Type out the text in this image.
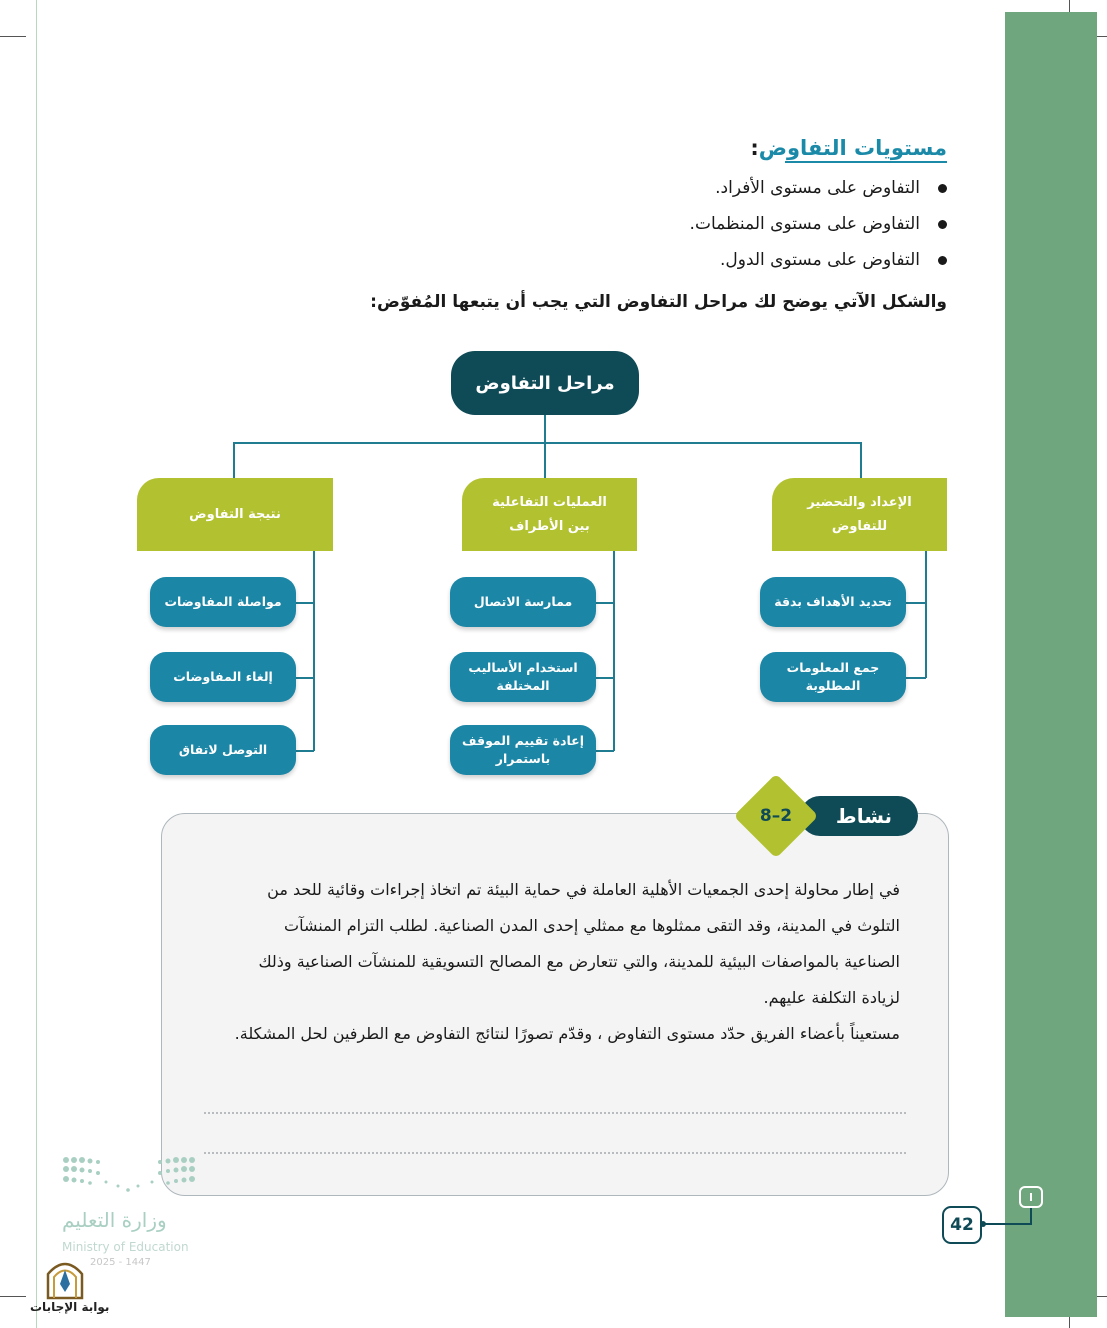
مستويات التفاوض:
التفاوض على مستوى الأفراد.
التفاوض على مستوى المنظمات.
التفاوض على مستوى الدول.
والشكل الآتي يوضح لك مراحل التفاوض التي يجب أن يتبعها المُفوّض:
مراحل التفاوض
الإعداد والتحضير
للتفاوض
تحديد الأهداف بدقة
جمع المعلومات المطلوبة
العمليات التفاعلية
بين الأطراف
ممارسة الاتصال
استخدام الأساليب
المختلفة
إعادة تقييم الموقف
باستمرار
نتيجة التفاوض
مواصلة المفاوضات
إلغاء المفاوضات
التوصل لاتفاق
نشاط
8–2

في إطار محاولة إحدى الجمعيات الأهلية العاملة في حماية البيئة تم اتخاذ إجراءات وقائية للحد من التلوث في المدينة، وقد التقى ممثلوها مع ممثلي إحدى المدن الصناعية. لطلب التزام المنشآت الصناعية بالمواصفات البيئية للمدينة، والتي تتعارض مع المصالح التسويقية للمنشآت الصناعية وذلك لزيادة التكلفة عليهم.

مستعيناً بأعضاء الفريق حدّد مستوى التفاوض ، وقدّم تصورًا لنتائج التفاوض مع الطرفين لحل المشكلة.

42
وزارة التعليم
Ministry of Education
2025 - 1447
بوابة الإجابات
